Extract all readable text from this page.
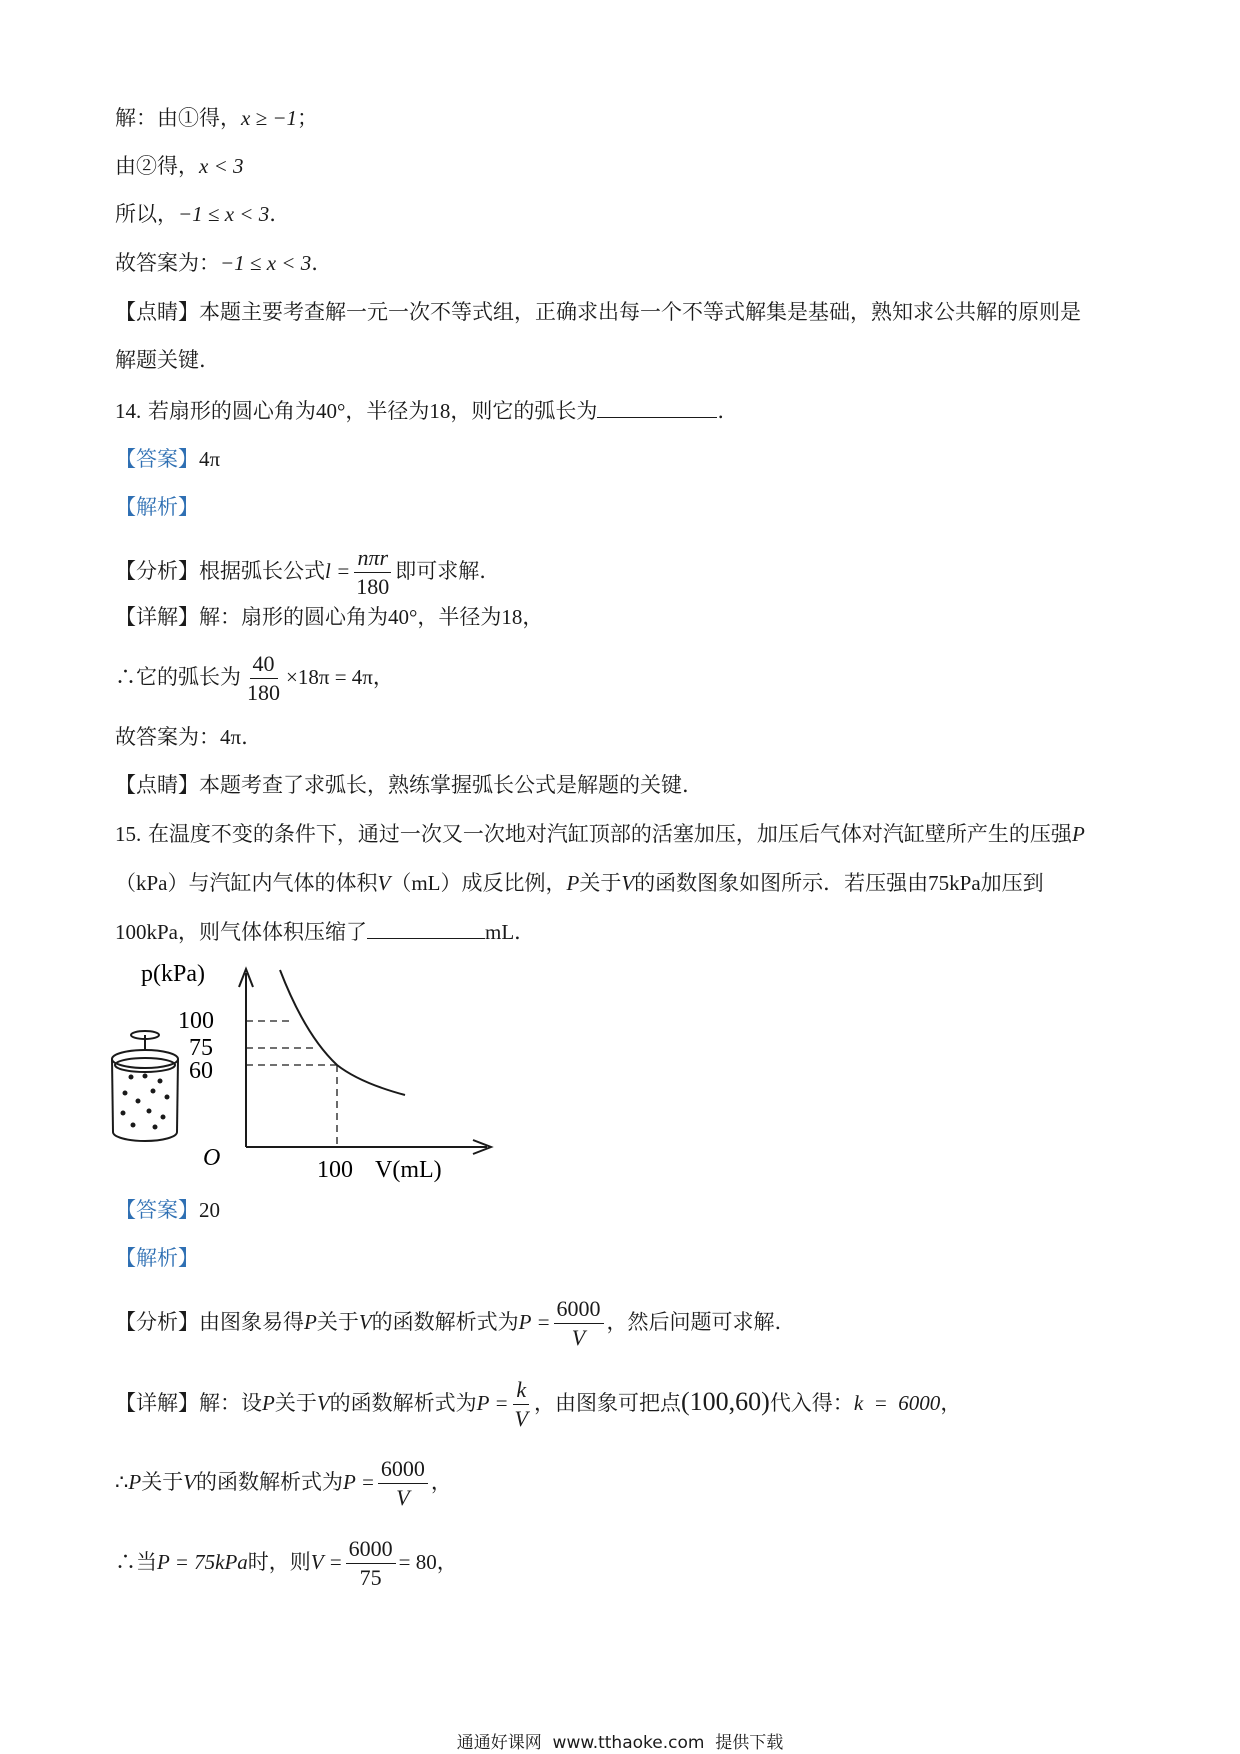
解：由①得，x ≥ −1；
由②得，x < 3
所以，−1 ≤ x < 3.
故答案为：−1 ≤ x < 3.
【点睛】本题主要考查解一元一次不等式组，正确求出每一个不等式解集是基础，熟知求公共解的原则是
解题关键.
14. 若扇形的圆心角为40°，半径为18，则它的弧长为	.
【答案】4π
【解析】
【分析】根据弧长公式$l = \frac{\text{nπr}}{180}$ 即可求解.
【详解】解：扇形的圆心角为40°，半径为18，
∴它的弧长为 $\frac{40}{180} \times 18\pi = 4\pi$，
故答案为：4π.
【点睛】本题考查了求弧长，熟练掌握弧长公式是解题的关键.
15. 在温度不变的条件下，通过一次又一次地对汽缸顶部的活塞加压，加压后气体对汽缸壁所产生的压强P
（kPa）与汽缸内气体的体积V（mL）成反比例，P关于V的函数图象如图所示．若压强由75kPa加压到
100kPa，则气体体积压缩了	mL．
p(kPa)
100
75
60
O	100 V(mL)
【答案】20
【解析】
【分析】由图象易得P关于V的函数解析式为$P = \frac{6000}{V}$ ，然后问题可求解.
【详解】解：设P关于V的函数解析式为$P = \frac{k}{V}$ ，由图象可把点(100,60)代入得：k  =  6000，
∴P关于V的函数解析式为$P = \frac{6000}{V}$ ，
∴当P = 75kPa时，则$V = \frac{6000}{75} = 80$，
通通好课网  www.tthaoke.com  提供下载
